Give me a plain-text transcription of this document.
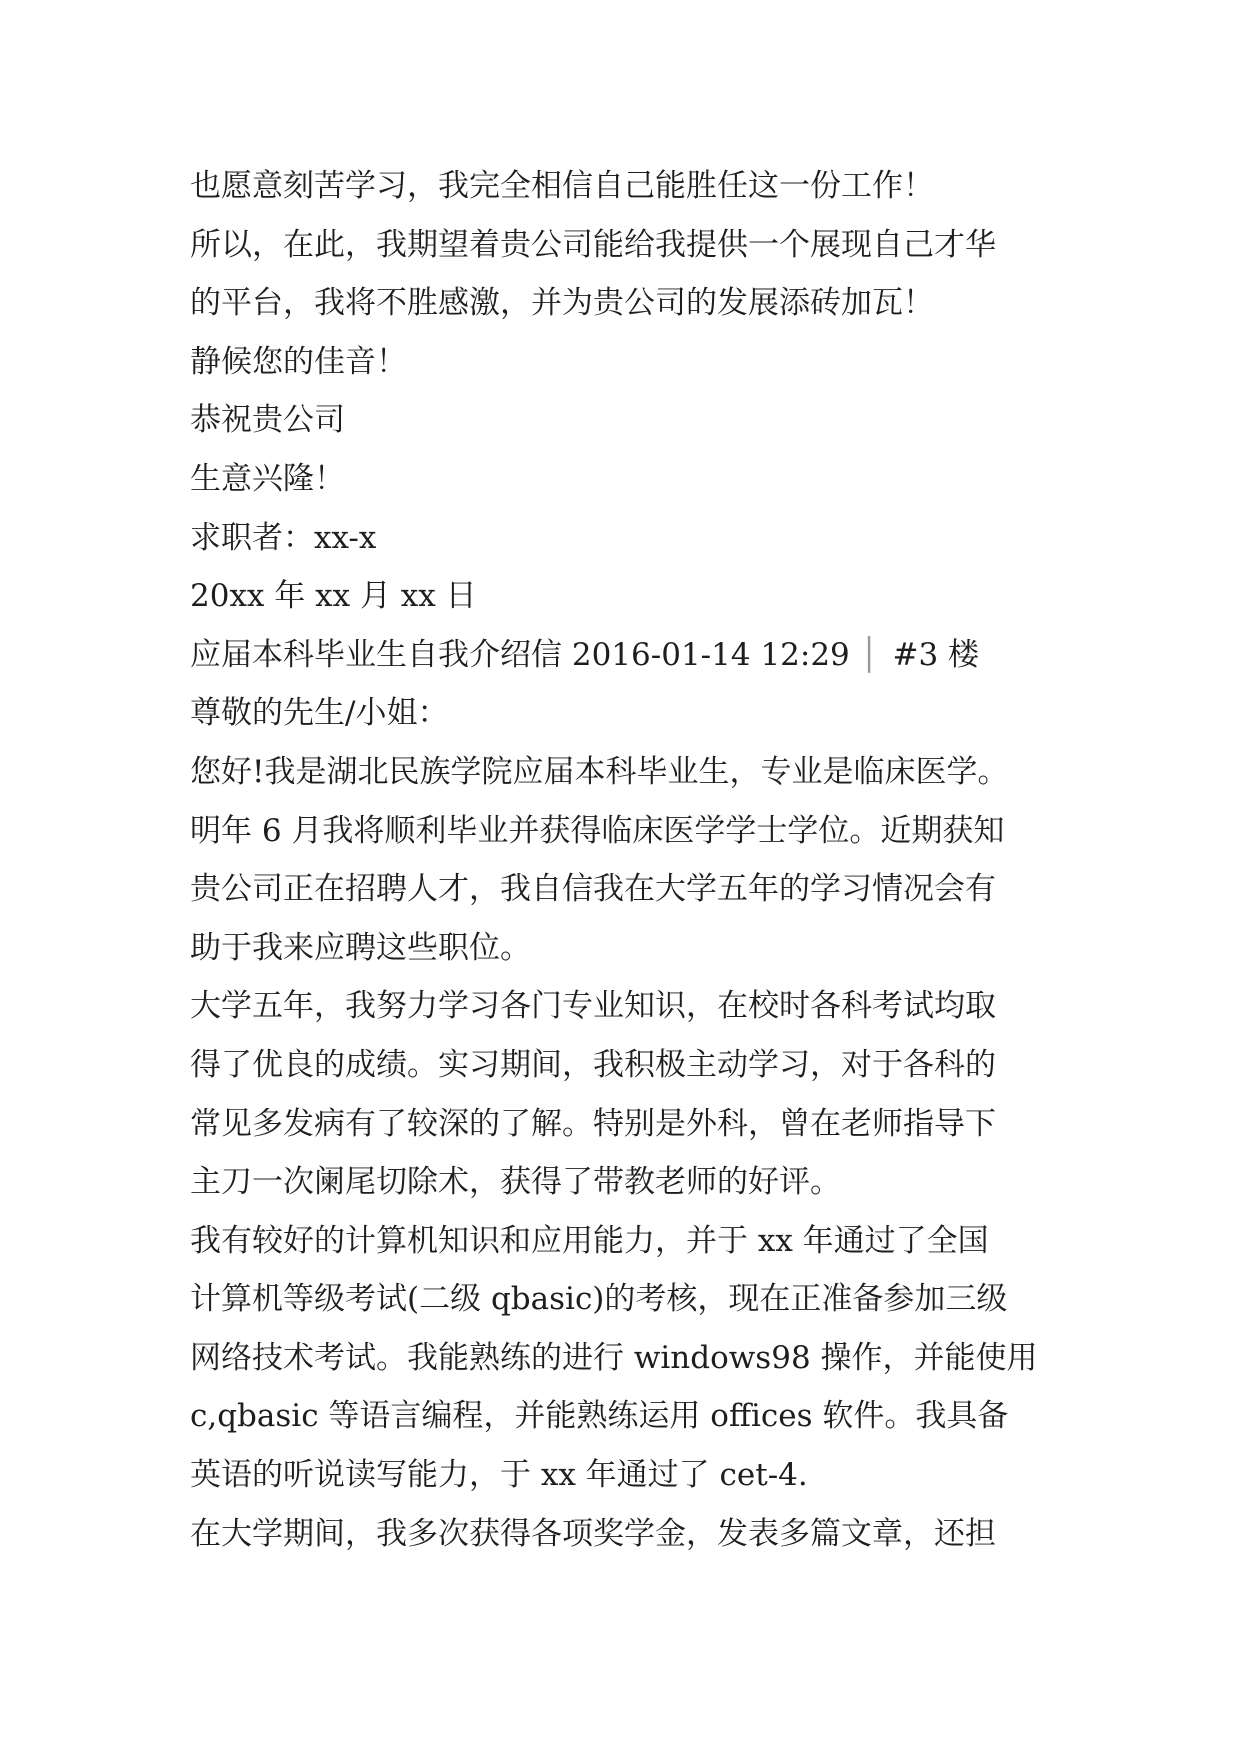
也愿意刻苦学习，我完全相信自己能胜任这一份工作！
所以，在此，我期望着贵公司能给我提供一个展现自己才华
的平台，我将不胜感激，并为贵公司的发展添砖加瓦！
静候您的佳音！
恭祝贵公司
生意兴隆！
求职者：xx-x
20xx 年 xx 月 xx 日
应届本科毕业生自我介绍信 2016-01-14 12:29 │ #3 楼
尊敬的先生/小姐：
您好!我是湖北民族学院应届本科毕业生，专业是临床医学。
明年 6 月我将顺利毕业并获得临床医学学士学位。近期获知
贵公司正在招聘人才，我自信我在大学五年的学习情况会有
助于我来应聘这些职位。
大学五年，我努力学习各门专业知识，在校时各科考试均取
得了优良的成绩。实习期间，我积极主动学习，对于各科的
常见多发病有了较深的了解。特别是外科，曾在老师指导下
主刀一次阑尾切除术，获得了带教老师的好评。
我有较好的计算机知识和应用能力，并于 xx 年通过了全国
计算机等级考试(二级 qbasic)的考核，现在正准备参加三级
网络技术考试。我能熟练的进行 windows98 操作，并能使用
c,qbasic 等语言编程，并能熟练运用 offices 软件。我具备
英语的听说读写能力，于 xx 年通过了 cet-4.
在大学期间，我多次获得各项奖学金，发表多篇文章，还担
